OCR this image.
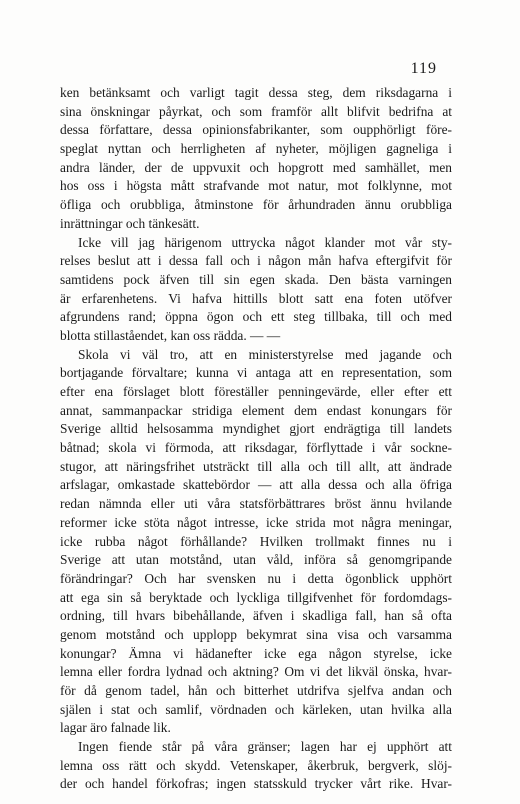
119
ken betänksamt och varligt tagit dessa steg, dem riksdagarna i
sina önskningar påyrkat, och som framför allt blifvit bedrifna at
dessa författare, dessa opinionsfabrikanter, som oupphörligt före-
speglat nyttan och herrligheten af nyheter, möjligen gagneliga i
andra länder, der de uppvuxit och hopgrott med samhället, men
hos oss i högsta mått strafvande mot natur, mot folklynne, mot
öfliga och orubbliga, åtminstone för århundraden ännu orubbliga
inrättningar och tänkesätt.
Icke vill jag härigenom uttrycka något klander mot vår sty-
relses beslut att i dessa fall och i någon mån hafva eftergifvit för
samtidens pock äfven till sin egen skada. Den bästa varningen
är erfarenhetens. Vi hafva hittills blott satt ena foten utöfver
afgrundens rand; öppna ögon och ett steg tillbaka, till och med
blotta stillaståendet, kan oss rädda. — —
Skola vi väl tro, att en ministerstyrelse med jagande och
bortjagande förvaltare; kunna vi antaga att en representation, som
efter ena förslaget blott föreställer penningevärde, eller efter ett
annat, sammanpackar stridiga element dem endast konungars för
Sverige alltid helsosamma myndighet gjort endrägtiga till landets
båtnad; skola vi förmoda, att riksdagar, förflyttade i vår sockne-
stugor, att näringsfrihet utsträckt till alla och till allt, att ändrade
arfslagar, omkastade skattebördor — att alla dessa och alla öfriga
redan nämnda eller uti våra statsförbättrares bröst ännu hvilande
reformer icke stöta något intresse, icke strida mot några meningar,
icke rubba något förhållande? Hvilken trollmakt finnes nu i
Sverige att utan motstånd, utan våld, införa så genomgripande
förändringar? Och har svensken nu i detta ögonblick upphört
att ega sin så beryktade och lyckliga tillgifvenhet för fordomdags-
ordning, till hvars bibehållande, äfven i skadliga fall, han så ofta
genom motstånd och upplopp bekymrat sina visa och varsamma
konungar? Ämna vi hädanefter icke ega någon styrelse, icke
lemna eller fordra lydnad och aktning? Om vi det likväl önska, hvar-
för då genom tadel, hån och bitterhet utdrifva sjelfva andan och
själen i stat och samlif, vördnaden och kärleken, utan hvilka alla
lagar äro falnade lik.
Ingen fiende står på våra gränser; lagen har ej upphört att
lemna oss rätt och skydd. Vetenskaper, åkerbruk, bergverk, slöj-
der och handel förkofras; ingen statsskuld trycker vårt rike. Hvar-
